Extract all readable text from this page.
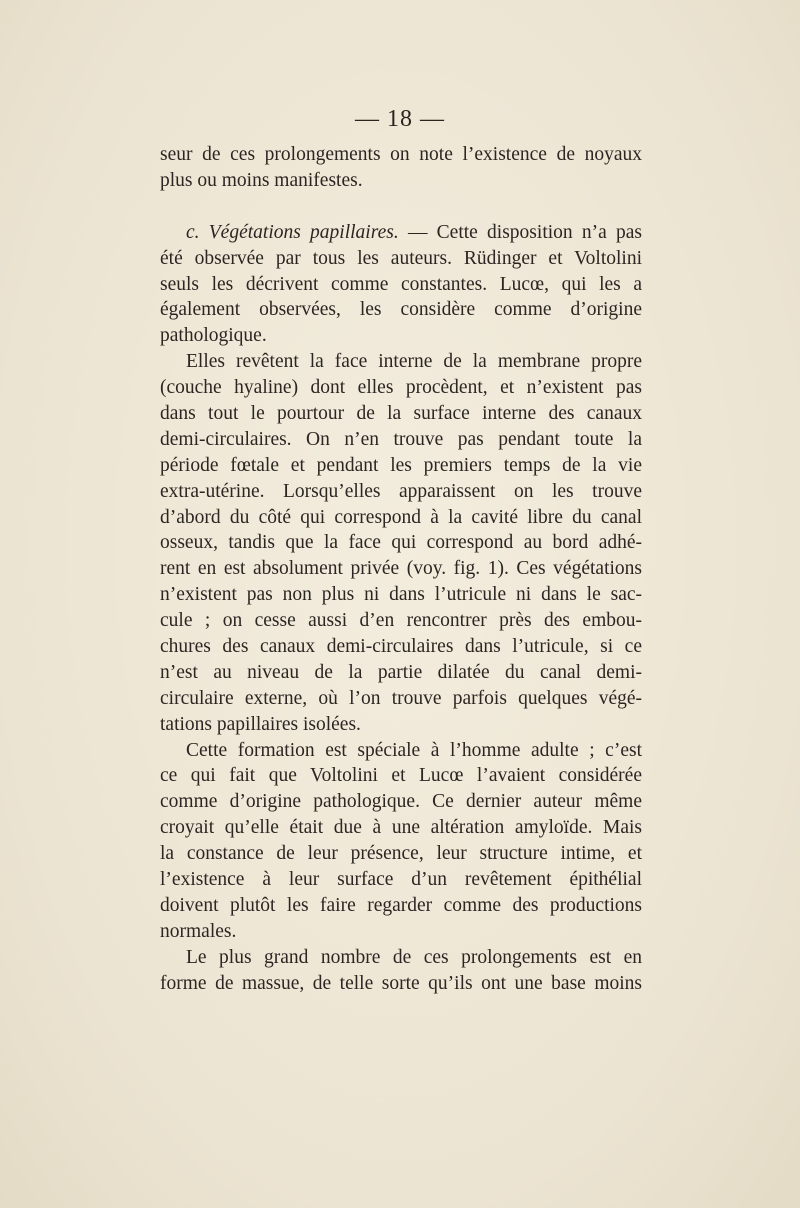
— 18 —
seur de ces prolongements on note l’existence de noyaux
plus ou moins manifestes.
c. Végétations papillaires. — Cette disposition n’a pas
été observée par tous les auteurs. Rüdinger et Voltolini
seuls les décrivent comme constantes. Lucœ, qui les a
également observées, les considère comme d’origine
pathologique.
Elles revêtent la face interne de la membrane propre
(couche hyaline) dont elles procèdent, et n’existent pas
dans tout le pourtour de la surface interne des canaux
demi-circulaires. On n’en trouve pas pendant toute la
période fœtale et pendant les premiers temps de la vie
extra-utérine. Lorsqu’elles apparaissent on les trouve
d’abord du côté qui correspond à la cavité libre du canal
osseux, tandis que la face qui correspond au bord adhé-
rent en est absolument privée (voy. fig. 1). Ces végétations
n’existent pas non plus ni dans l’utricule ni dans le sac-
cule ; on cesse aussi d’en rencontrer près des embou-
chures des canaux demi-circulaires dans l’utricule, si ce
n’est au niveau de la partie dilatée du canal demi-
circulaire externe, où l’on trouve parfois quelques végé-
tations papillaires isolées.
Cette formation est spéciale à l’homme adulte ; c’est
ce qui fait que Voltolini et Lucœ l’avaient considérée
comme d’origine pathologique. Ce dernier auteur même
croyait qu’elle était due à une altération amyloïde. Mais
la constance de leur présence, leur structure intime, et
l’existence à leur surface d’un revêtement épithélial
doivent plutôt les faire regarder comme des productions
normales.
Le plus grand nombre de ces prolongements est en
forme de massue, de telle sorte qu’ils ont une base moins
